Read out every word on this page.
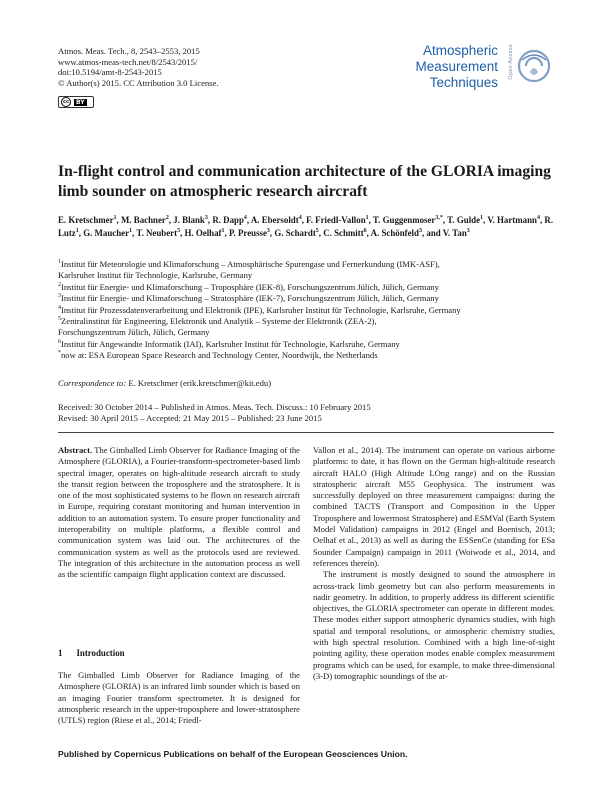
Atmos. Meas. Tech., 8, 2543–2553, 2015
www.atmos-meas-tech.net/8/2543/2015/
doi:10.5194/amt-8-2543-2015
© Author(s) 2015. CC Attribution 3.0 License.
cc	BY
Atmospheric
Measurement
Techniques
Open Access
In-flight control and communication architecture of the GLORIA imaging limb sounder on atmospheric research aircraft
E. Kretschmer$^1$, M. Bachner$^2$, J. Blank$^3$, R. Dapp$^4$, A. Ebersoldt$^4$, F. Friedl-Vallon$^1$, T. Guggenmoser$^{3,*}$, T. Gulde$^1$, V. Hartmann$^4$, R. Lutz$^1$, G. Maucher$^1$, T. Neubert$^5$, H. Oelhaf$^1$, P. Preusse$^3$, G. Schardt$^5$, C. Schmitt$^6$, A. Schönfeld$^3$, and V. Tan$^3$
$^1$Institut für Meteorologie und Klimaforschung – Atmosphärische Spurengase und Fernerkundung (IMK-ASF),
Karlsruher Institut für Technologie, Karlsruhe, Germany
$^2$Institut für Energie- und Klimaforschung – Troposphäre (IEK-8), Forschungszentrum Jülich, Jülich, Germany
$^3$Institut für Energie- und Klimaforschung – Stratosphäre (IEK-7), Forschungszentrum Jülich, Jülich, Germany
$^4$Institut für Prozessdatenverarbeitung und Elektronik (IPE), Karlsruher Institut für Technologie, Karlsruhe, Germany
$^5$Zentralinstitut für Engineering, Elektronik und Analytik – Systeme der Elektronik (ZEA-2),
Forschungszentrum Jülich, Jülich, Germany
$^6$Institut für Angewandte Informatik (IAI), Karlsruher Institut für Technologie, Karlsruhe, Germany
*now at: ESA European Space Research and Technology Center, Noordwijk, the Netherlands
Correspondence to: E. Kretschmer (erik.kretschmer@kit.edu)
Received: 30 October 2014 – Published in Atmos. Meas. Tech. Discuss.: 10 February 2015
Revised: 30 April 2015 – Accepted: 21 May 2015 – Published: 23 June 2015

Abstract. The Gimballed Limb Observer for Radiance Imaging of the Atmosphere (GLORIA), a Fourier-transform-spectrometer-based limb spectral imager, operates on high-altitude research aircraft to study the transit region between the troposphere and the stratosphere. It is one of the most sophisticated systems to be flown on research aircraft in Europe, requiring constant monitoring and human intervention in addition to an automation system. To ensure proper functionality and interoperability on multiple platforms, a flexible control and communication system was laid out. The architectures of the communication system as well as the protocols used are reviewed. The integration of this architecture in the automation process as well as the scientific campaign flight application context are discussed.

1 Introduction
The Gimballed Limb Observer for Radiance Imaging of the Atmosphere (GLORIA) is an infrared limb sounder which is based on an imaging Fourier transform spectrometer. It is designed for atmospheric research in the upper-troposphere and lower-stratosphere (UTLS) region (Riese et al., 2014; Friedl-

Vallon et al., 2014). The instrument can operate on various airborne platforms: to date, it has flown on the German high-altitude research aircraft HALO (High Altitude LOng range) and on the Russian stratospheric aircraft M55 Geophysica. The instrument was successfully deployed on three measurement campaigns: during the combined TACTS (Transport and Composition in the Upper Troposphere and lowermost Stratosphere) and ESMVal (Earth System Model Validation) campaigns in 2012 (Engel and Boenisch, 2013; Oelhaf et al., 2013) as well as during the ESSenCe (standing for ESa Sounder Campaign) campaign in 2011 (Woiwode et al., 2014, and references therein).

The instrument is mostly designed to sound the atmosphere in across-track limb geometry but can also perform measurements in nadir geometry. In addition, to properly address its different scientific objectives, the GLORIA spectrometer can operate in different modes. These modes either support atmospheric dynamics studies, with high spatial and temporal resolutions, or atmospheric chemistry studies, with high spectral resolution. Combined with a high line-of-sight pointing agility, these operation modes enable complex measurement programs which can be used, for example, to make three-dimensional (3-D) tomographic soundings of the at-

Published by Copernicus Publications on behalf of the European Geosciences Union.
